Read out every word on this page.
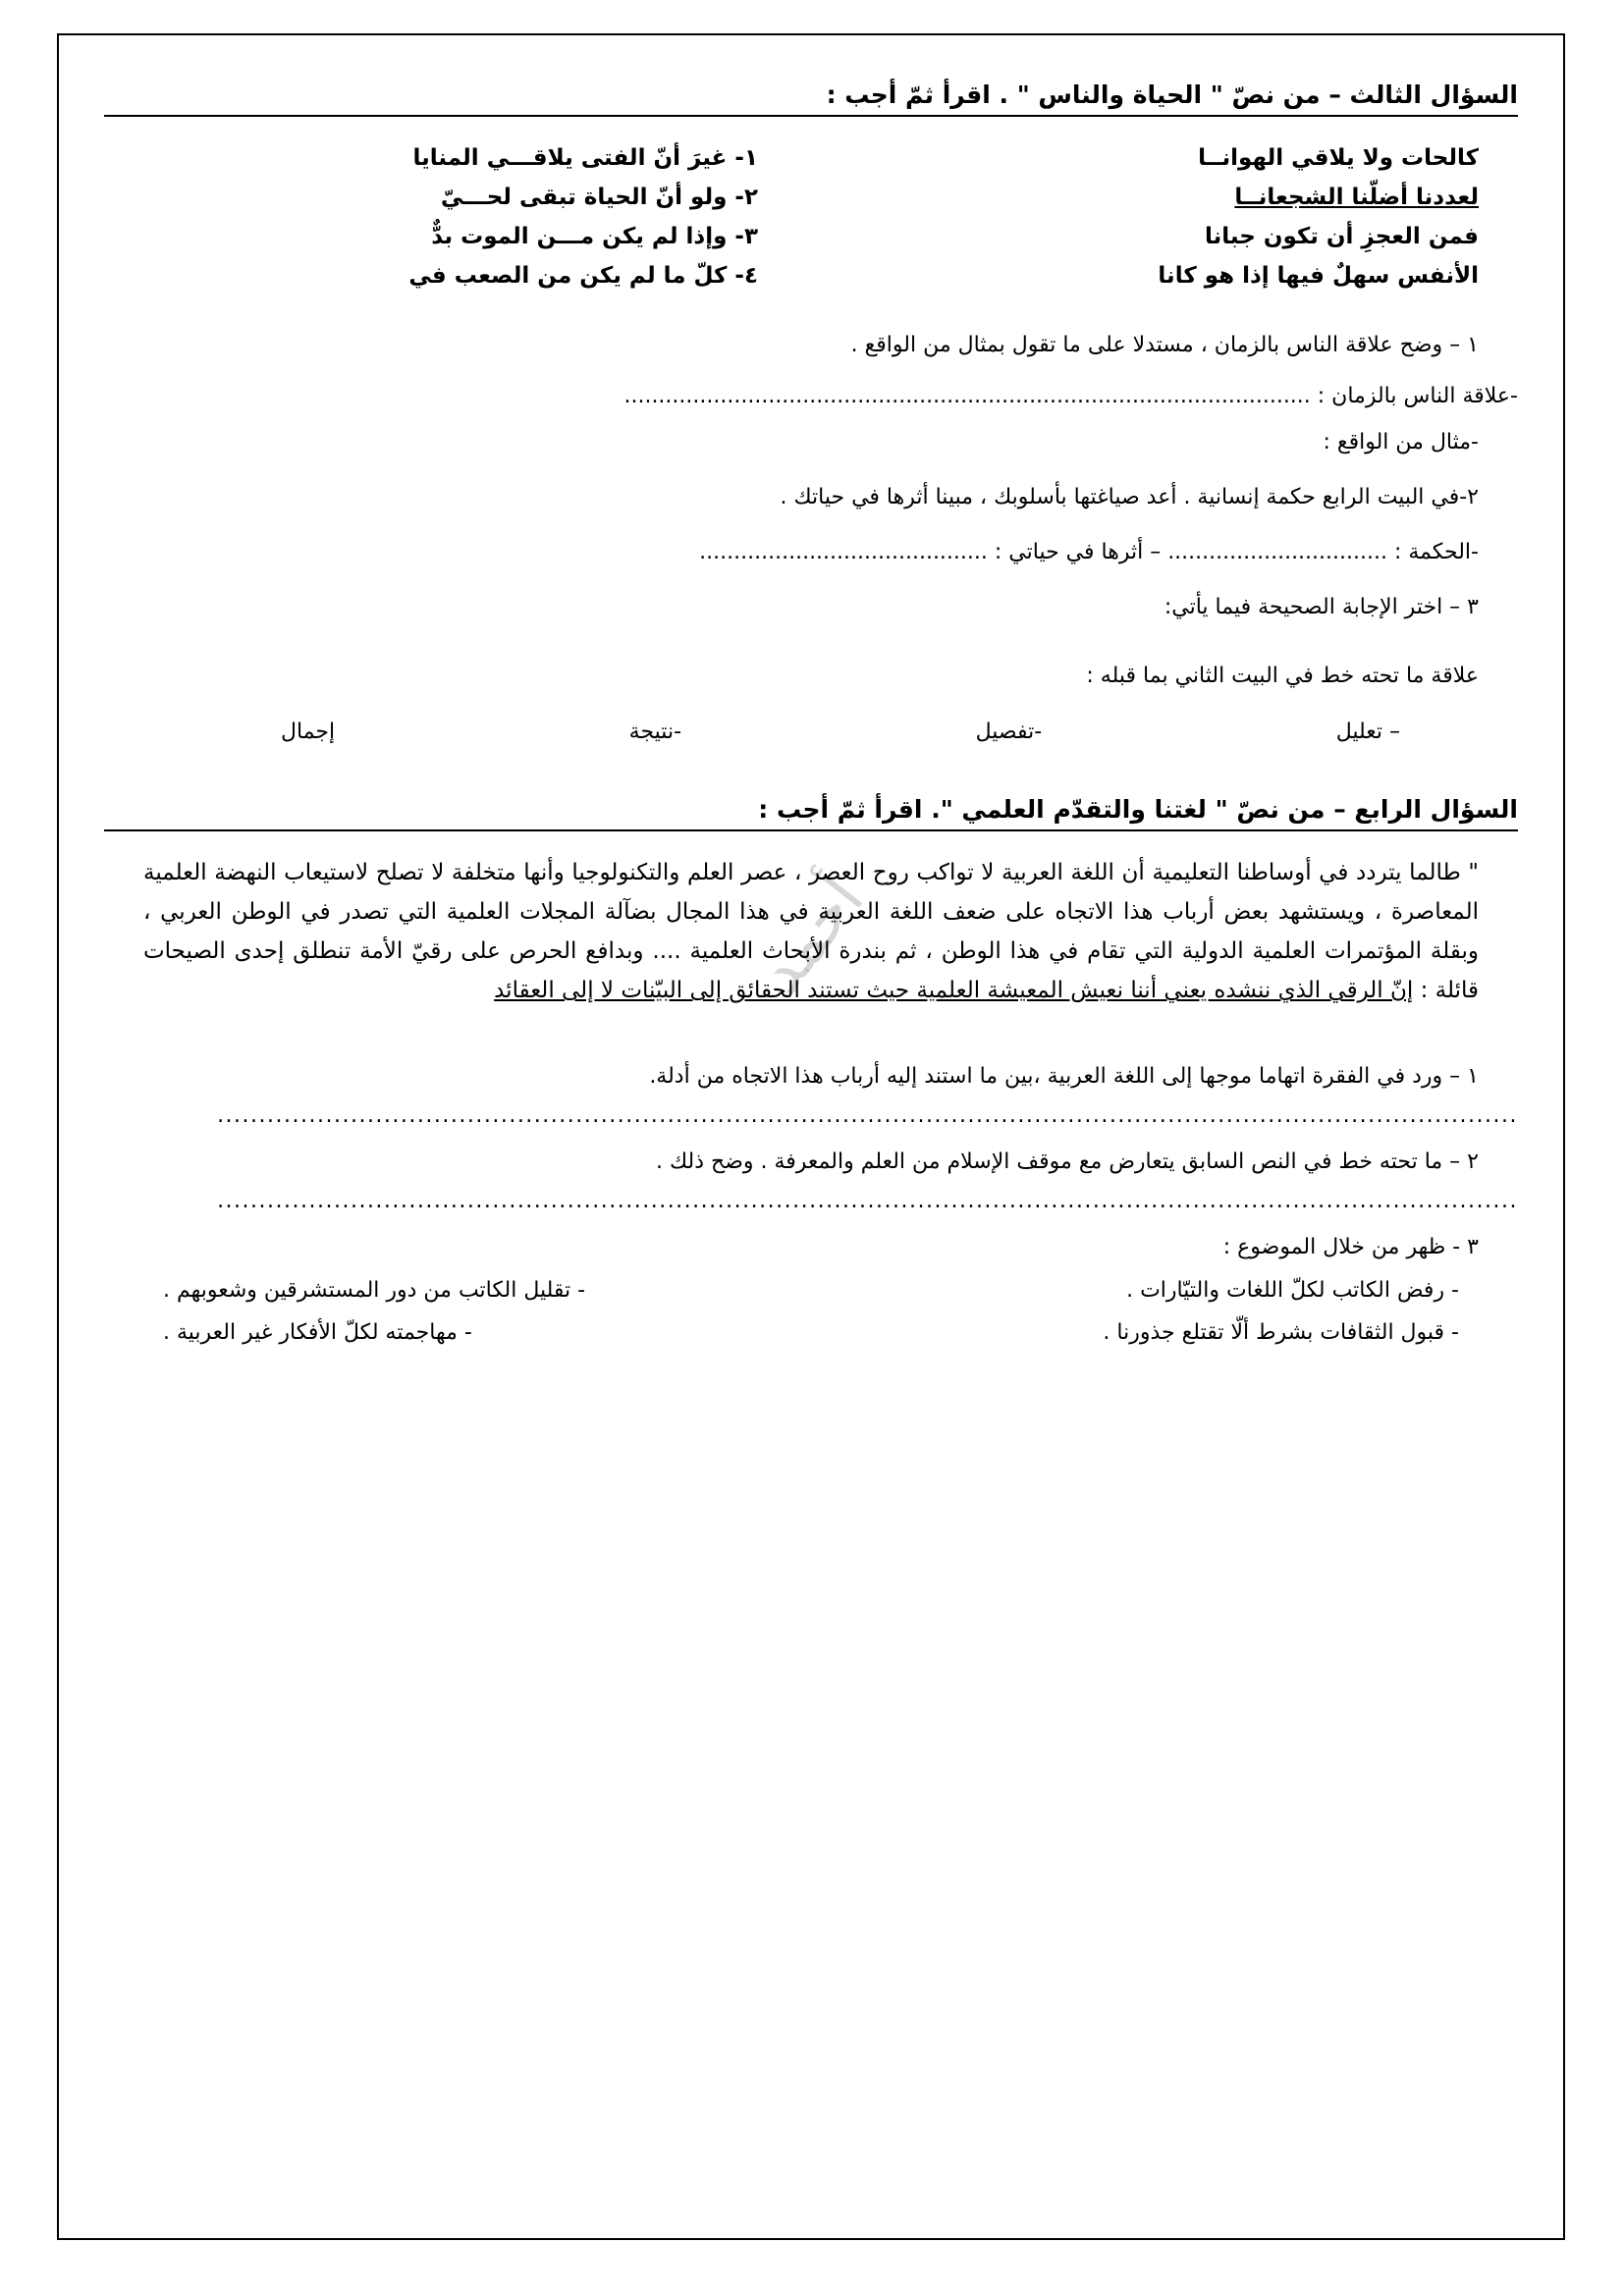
أحمد
السؤال الثالث – من نصّ " الحياة والناس " . اقرأ ثمّ أجب :
كالحات ولا يلاقي الهوانــا	١- غيرَ أنّ الفتى يلاقـــي المنايا
لعددنا أضلّنا الشجعانــا	٢- ولو أنّ الحياة تبقى لحـــيّ
فمن العجزِ أن تكون جبانا	٣- وإذا لم يكن مـــن الموت بدٌّ
الأنفس سهلٌ فيها إذا هو كانا	٤- كلّ ما لم يكن من الصعب في
١ – وضح علاقة الناس بالزمان ، مستدلا على ما تقول بمثال من الواقع .
-علاقة الناس بالزمان : ....................................................................................................
-مثال من الواقع :
٢-في البيت الرابع حكمة إنسانية . أعد صياغتها بأسلوبك ، مبينا أثرها في حياتك .
-الحكمة : ................................ – أثرها في حياتي : ..........................................
٣ – اختر الإجابة الصحيحة فيما يأتي:
علاقة ما تحته خط في البيت الثاني بما قبله :
– تعليل
-تفصيل
-نتيجة
إجمال
السؤال الرابع – من نصّ " لغتنا والتقدّم العلمي ". اقرأ ثمّ أجب :
" طالما يتردد في أوساطنا التعليمية أن اللغة العربية لا تواكب روح العصر ، عصر العلم والتكنولوجيا وأنها متخلفة لا تصلح لاستيعاب النهضة العلمية المعاصرة ، ويستشهد بعض أرباب هذا الاتجاه على ضعف اللغة العربية في هذا المجال بضآلة المجلات العلمية التي تصدر في الوطن العربي ، وبقلة المؤتمرات العلمية الدولية التي تقام في هذا الوطن ، ثم بندرة الأبحاث العلمية .... وبدافع الحرص على رقيّ الأمة تنطلق إحدى الصيحات قائلة : إنّ الرقي الذي ننشده يعني أننا نعيش المعيشة العلمية حيث تستند الحقائق إلى البيّنات لا إلى العقائد
١ – ورد في الفقرة اتهاما موجها إلى اللغة العربية ،بين ما استند إليه أرباب هذا الاتجاه من أدلة.
............................................................................................................................................................
٢ – ما تحته خط في النص السابق يتعارض مع موقف الإسلام من العلم والمعرفة . وضح ذلك .
............................................................................................................................................................
٣ - ظهر من خلال الموضوع :
- رفض الكاتب لكلّ اللغات والتيّارات .
- قبول الثقافات بشرط ألّا تقتلع جذورنا .
- تقليل الكاتب من دور المستشرقين وشعوبهم .
- مهاجمته لكلّ الأفكار غير العربية .
